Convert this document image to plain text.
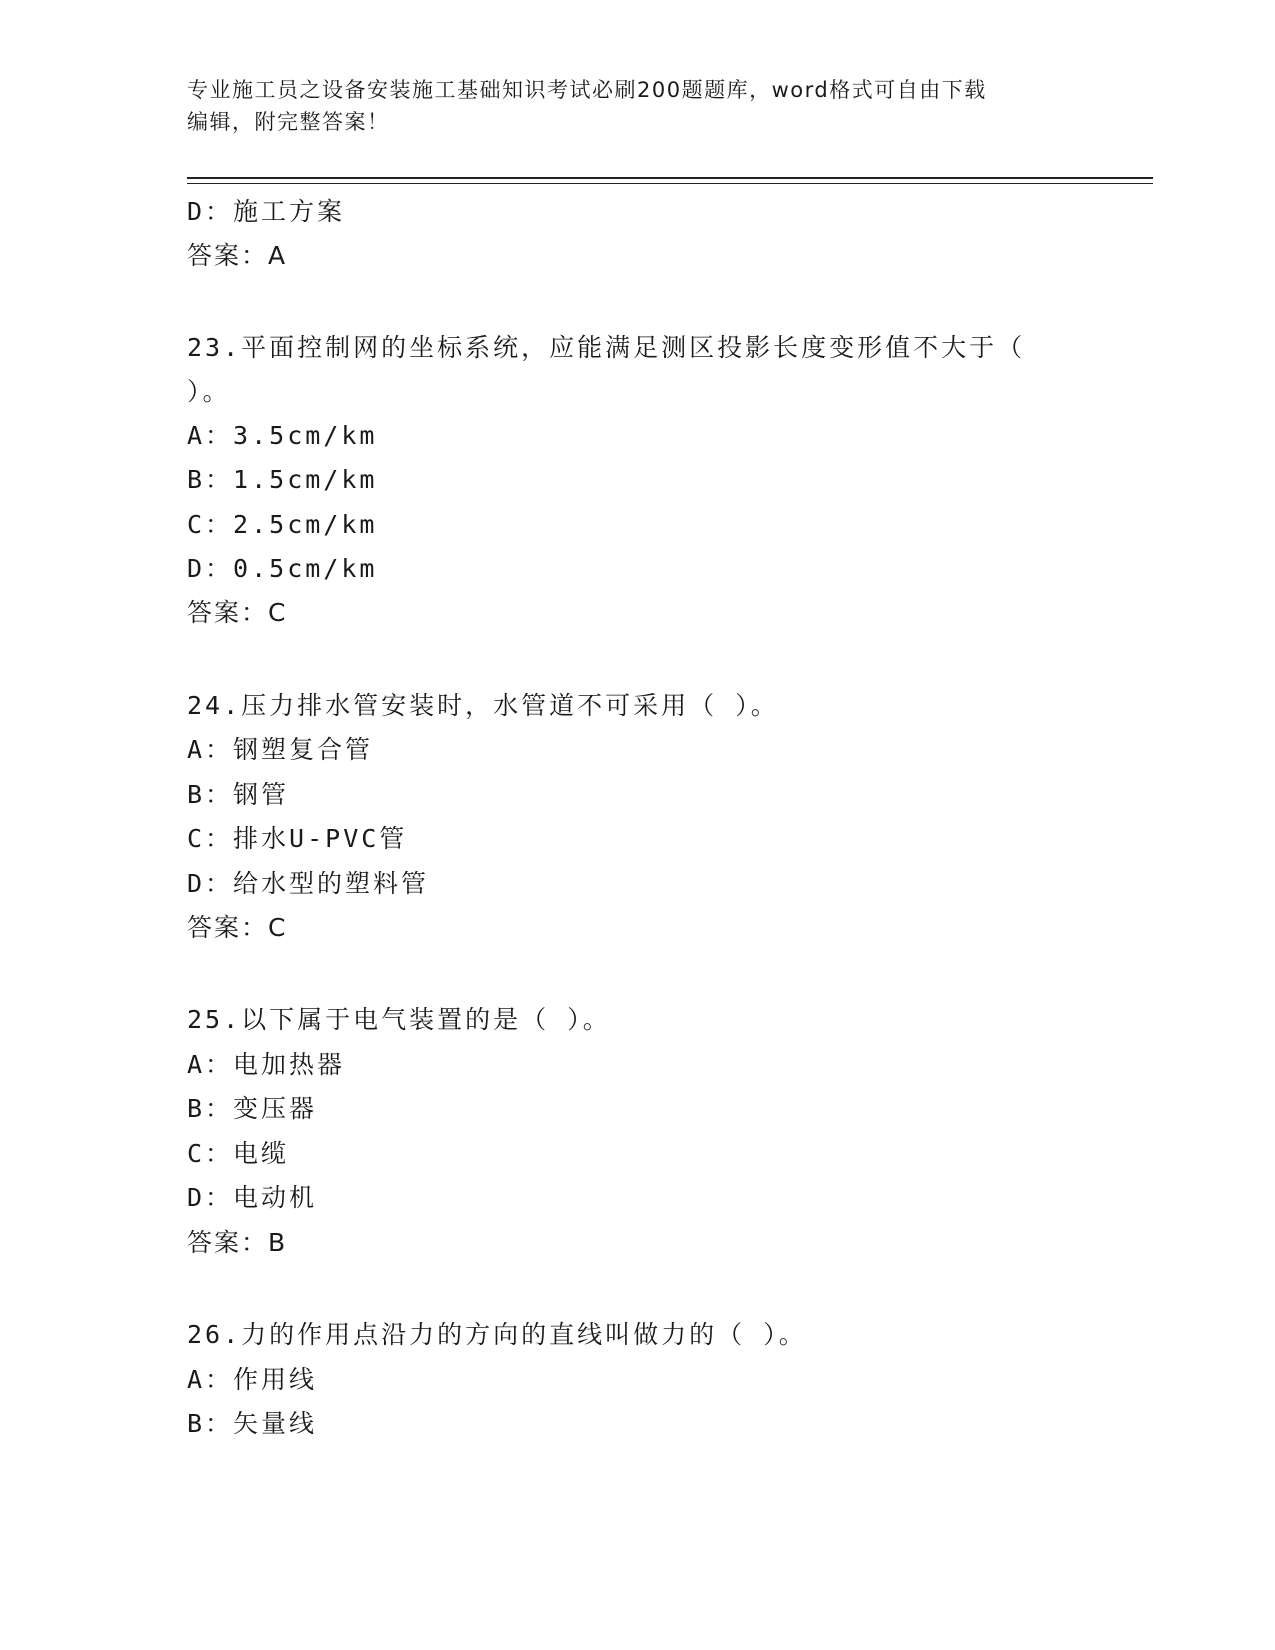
专业施工员之设备安装施工基础知识考试必刷200题题库，word格式可自由下载
编辑，附完整答案！
D：施工方案
答案：A
23.平面控制网的坐标系统，应能满足测区投影长度变形值不大于（
）。
A：3.5cm/km
B：1.5cm/km
C：2.5cm/km
D：0.5cm/km
答案：C
24.压力排水管安装时，水管道不可采用（ ）。
A：钢塑复合管
B：钢管
C：排水U-PVC管
D：给水型的塑料管
答案：C
25.以下属于电气装置的是（ ）。
A：电加热器
B：变压器
C：电缆
D：电动机
答案：B
26.力的作用点沿力的方向的直线叫做力的（ ）。
A：作用线
B：矢量线
